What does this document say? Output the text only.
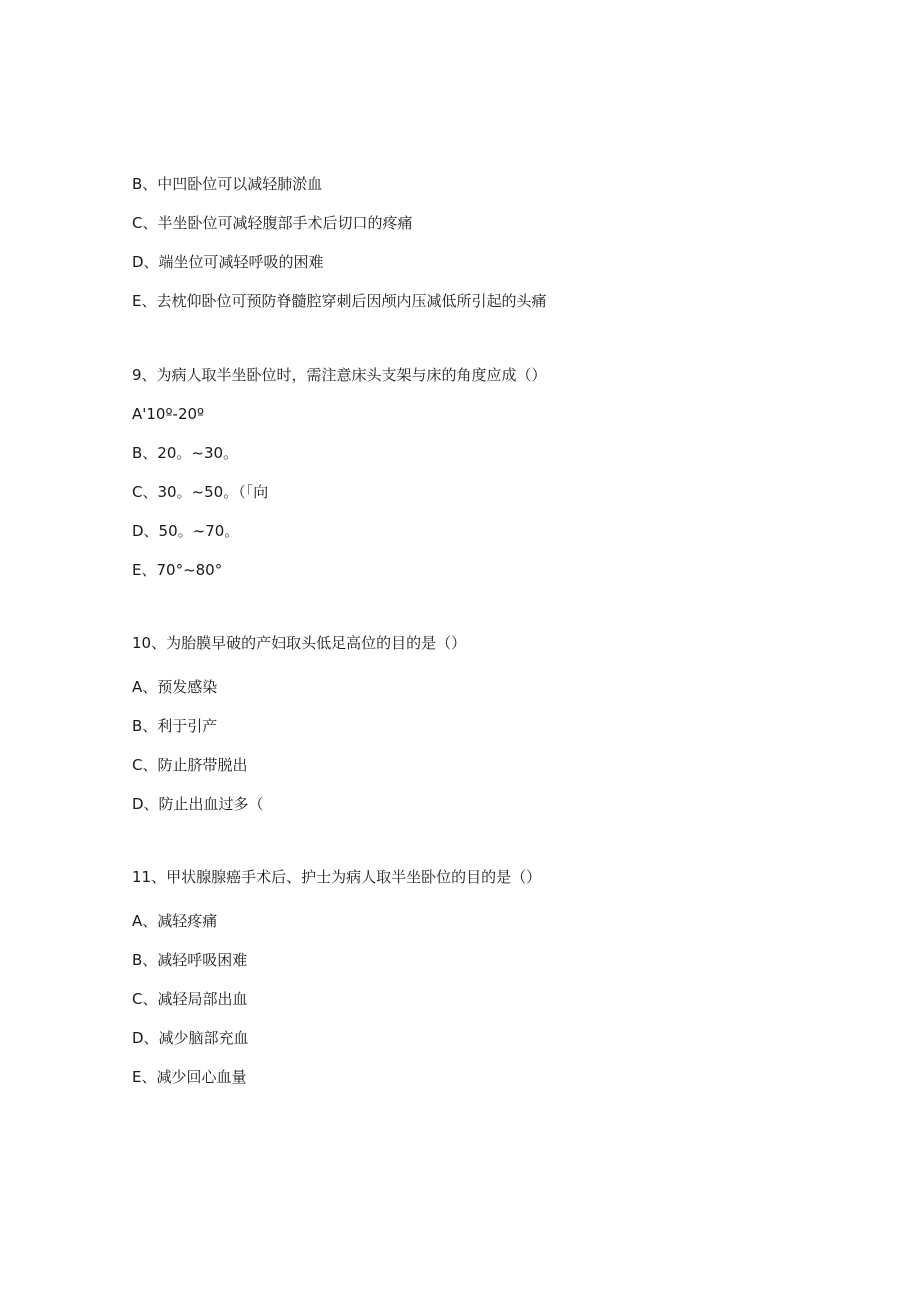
B、中凹卧位可以减轻肺淤血
C、半坐卧位可减轻腹部手术后切口的疼痛
D、端坐位可减轻呼吸的困难
E、去枕仰卧位可预防脊髓腔穿刺后因颅内压减低所引起的头痛
9、为病人取半坐卧位时，需注意床头支架与床的角度应成（）
A'10º-20º
B、20。~30。
C、30。~50。（「向
D、50。~70。
E、70°~80°
10、为胎膜早破的产妇取头低足高位的目的是（）
A、预发感染
B、利于引产
C、防止脐带脱出
D、防止出血过多（
11、甲状腺腺癌手术后、护士为病人取半坐卧位的目的是（）
A、减轻疼痛
B、减轻呼吸困难
C、减轻局部出血
D、减少脑部充血
E、减少回心血量
